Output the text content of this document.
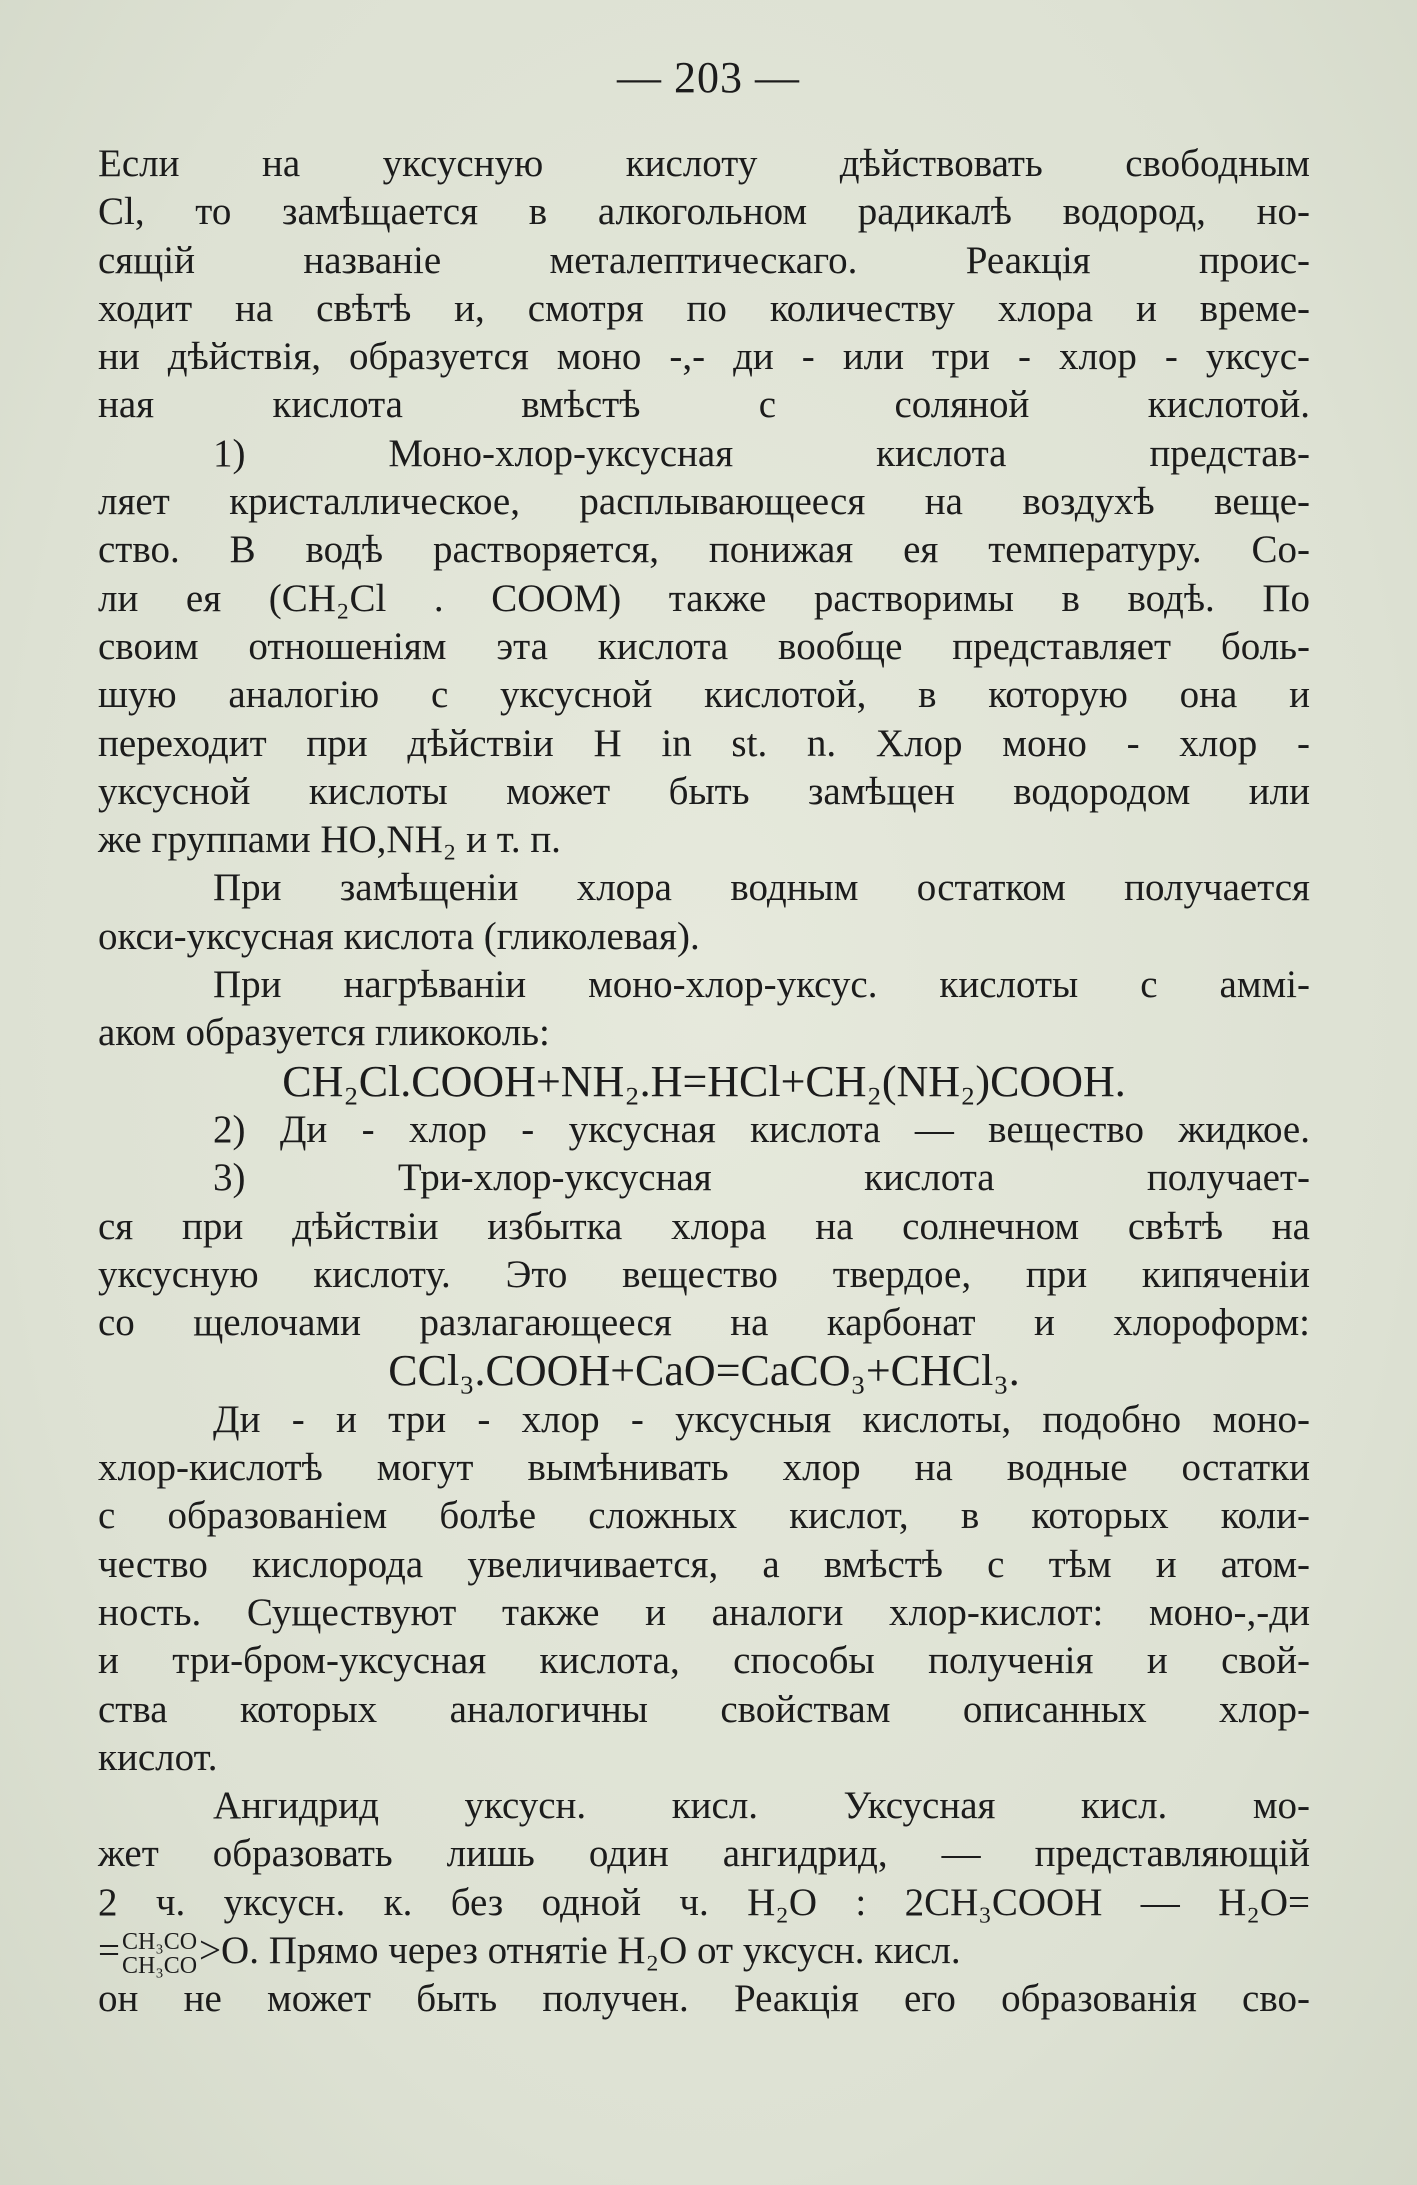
— 203 —
Если на уксусную кислоту дѣйствовать свободным
Cl, то замѣщается в алкогольном радикалѣ водород, но-
сящій названіе металептическаго. Реакція проис-
ходит на свѣтѣ и, смотря по количеству хлора и време-
ни дѣйствія, образуется моно -,- ди - или три - хлор - уксус-
ная кислота вмѣстѣ с соляной кислотой.
1) Моно-хлор-уксусная кислота представ-
ляет кристаллическое, расплывающееся на воздухѣ веще-
ство. В водѣ растворяется, понижая ея температуру. Со-
ли ея (CH₂Cl . COOM) также растворимы в водѣ. По
своим отношеніям эта кислота вообще представляет боль-
шую аналогію с уксусной кислотой, в которую она и
переходит при дѣйствіи H in st. n. Хлор моно - хлор -
уксусной кислоты может быть замѣщен водородом или
же группами HO,NH₂ и т. п.
При замѣщеніи хлора водным остатком получается
окси-уксусная кислота (гликолевая).
При нагрѣваніи моно-хлор-уксус. кислоты с аммі-
аком образуется гликоколь:
CH₂Cl.COOH+NH₂.H=HCl+CH₂(NH₂)COOH.
2) Ди - хлор - уксусная кислота — вещество жидкое.
3) Три-хлор-уксусная кислота получает-
ся при дѣйствіи избытка хлора на солнечном свѣтѣ на
уксусную кислоту. Это вещество твердое, при кипяченіи
со щелочами разлагающееся на карбонат и хлороформ:
CCl₃.COOH+CaO=CaCO₃+CHCl₃.
Ди - и три - хлор - уксусныя кислоты, подобно моно-
хлор-кислотѣ могут вымѣнивать хлор на водные остатки
с образованіем болѣе сложных кислот, в которых коли-
чество кислорода увеличивается, а вмѣстѣ с тѣм и атом-
ность. Существуют также и аналоги хлор-кислот: моно-,-ди
и три-бром-уксусная кислота, способы полученія и свой-
ства которых аналогичны свойствам описанных хлор-
кислот.
Ангидрид уксусн. кисл. Уксусная кисл. мо-
жет образовать лишь один ангидрид, — представляющій
2 ч. уксусн. к. без одной ч. H₂O : 2CH₃COOH — H₂O=
= CH₃CO
CH₃CO >O. Прямо через отнятіе H₂O от уксусн. кисл.
он не может быть получен. Реакція его образованія сво-
